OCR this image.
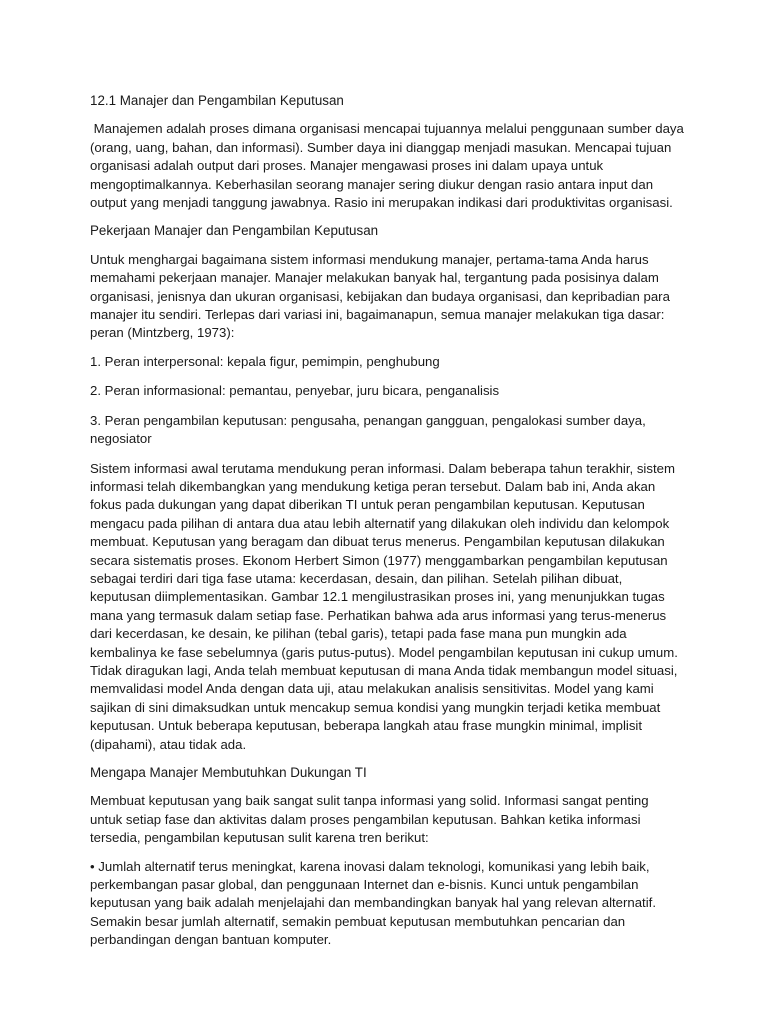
12.1 Manajer dan Pengambilan Keputusan

Manajemen adalah proses dimana organisasi mencapai tujuannya melalui penggunaan sumber daya (orang, uang, bahan, dan informasi). Sumber daya ini dianggap menjadi masukan. Mencapai tujuan organisasi adalah output dari proses. Manajer mengawasi proses ini dalam upaya untuk mengoptimalkannya. Keberhasilan seorang manajer sering diukur dengan rasio antara input dan output yang menjadi tanggung jawabnya. Rasio ini merupakan indikasi dari produktivitas organisasi.

Pekerjaan Manajer dan Pengambilan Keputusan

Untuk menghargai bagaimana sistem informasi mendukung manajer, pertama-tama Anda harus memahami pekerjaan manajer. Manajer melakukan banyak hal, tergantung pada posisinya dalam organisasi, jenisnya dan ukuran organisasi, kebijakan dan budaya organisasi, dan kepribadian para manajer itu sendiri. Terlepas dari variasi ini, bagaimanapun, semua manajer melakukan tiga dasar: peran (Mintzberg, 1973):

1. Peran interpersonal: kepala figur, pemimpin, penghubung

2. Peran informasional: pemantau, penyebar, juru bicara, penganalisis

3. Peran pengambilan keputusan: pengusaha, penangan gangguan, pengalokasi sumber daya, negosiator

Sistem informasi awal terutama mendukung peran informasi. Dalam beberapa tahun terakhir, sistem informasi telah dikembangkan yang mendukung ketiga peran tersebut. Dalam bab ini, Anda akan fokus pada dukungan yang dapat diberikan TI untuk peran pengambilan keputusan. Keputusan mengacu pada pilihan di antara dua atau lebih alternatif yang dilakukan oleh individu dan kelompok membuat. Keputusan yang beragam dan dibuat terus menerus. Pengambilan keputusan dilakukan secara sistematis proses. Ekonom Herbert Simon (1977) menggambarkan pengambilan keputusan sebagai terdiri dari tiga fase utama: kecerdasan, desain, dan pilihan. Setelah pilihan dibuat, keputusan diimplementasikan. Gambar 12.1 mengilustrasikan proses ini, yang menunjukkan tugas mana yang termasuk dalam setiap fase. Perhatikan bahwa ada arus informasi yang terus-menerus dari kecerdasan, ke desain, ke pilihan (tebal garis), tetapi pada fase mana pun mungkin ada kembalinya ke fase sebelumnya (garis putus-putus). Model pengambilan keputusan ini cukup umum. Tidak diragukan lagi, Anda telah membuat keputusan di mana Anda tidak membangun model situasi, memvalidasi model Anda dengan data uji, atau melakukan analisis sensitivitas. Model yang kami sajikan di sini dimaksudkan untuk mencakup semua kondisi yang mungkin terjadi ketika membuat keputusan. Untuk beberapa keputusan, beberapa langkah atau frase mungkin minimal, implisit (dipahami), atau tidak ada.

Mengapa Manajer Membutuhkan Dukungan TI

Membuat keputusan yang baik sangat sulit tanpa informasi yang solid. Informasi sangat penting untuk setiap fase dan aktivitas dalam proses pengambilan keputusan. Bahkan ketika informasi tersedia, pengambilan keputusan sulit karena tren berikut:

• Jumlah alternatif terus meningkat, karena inovasi dalam teknologi, komunikasi yang lebih baik, perkembangan pasar global, dan penggunaan Internet dan e-bisnis. Kunci untuk pengambilan keputusan yang baik adalah menjelajahi dan membandingkan banyak hal yang relevan alternatif. Semakin besar jumlah alternatif, semakin pembuat keputusan membutuhkan pencarian dan perbandingan dengan bantuan komputer.
